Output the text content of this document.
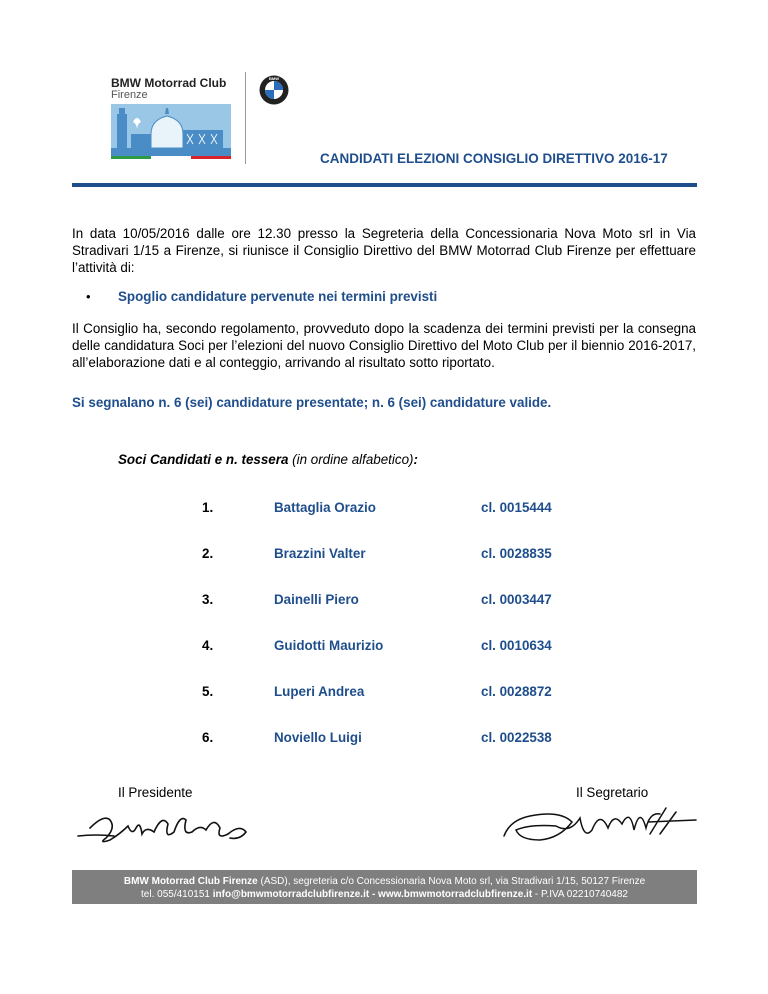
BMW Motorrad Club
Firenze
BMW
CANDIDATI ELEZIONI CONSIGLIO DIRETTIVO 2016-17
In data 10/05/2016 dalle ore 12.30 presso la Segreteria della Concessionaria Nova Moto srl in Via Stradivari 1/15 a Firenze, si riunisce il Consiglio Direttivo del BMW Motorrad Club Firenze per effettuare l’attività di:
• Spoglio candidature pervenute nei termini previsti
Il Consiglio ha, secondo regolamento, provveduto dopo la scadenza dei termini previsti per la consegna delle candidatura Soci per l’elezioni del nuovo Consiglio Direttivo del Moto Club per il biennio 2016-2017, all’elaborazione dati e al conteggio, arrivando al risultato sotto riportato.
Si segnalano n. 6 (sei) candidature presentate; n. 6 (sei) candidature valide.
Soci Candidati e n. tessera (in ordine alfabetico):
1.	Battaglia Orazio	cl. 0015444
2.	Brazzini Valter	cl. 0028835
3.	Dainelli Piero	cl. 0003447
4.	Guidotti Maurizio	cl. 0010634
5.	Luperi Andrea	cl. 0028872
6.	Noviello Luigi	cl. 0022538
Il Presidente	Il Segretario
BMW Motorrad Club Firenze (ASD), segreteria c/o Concessionaria Nova Moto srl, via Stradivari 1/15, 50127 Firenze
tel. 055/410151 info@bmwmotorradclubfirenze.it - www.bmwmotorradclubfirenze.it - P.IVA 02210740482
